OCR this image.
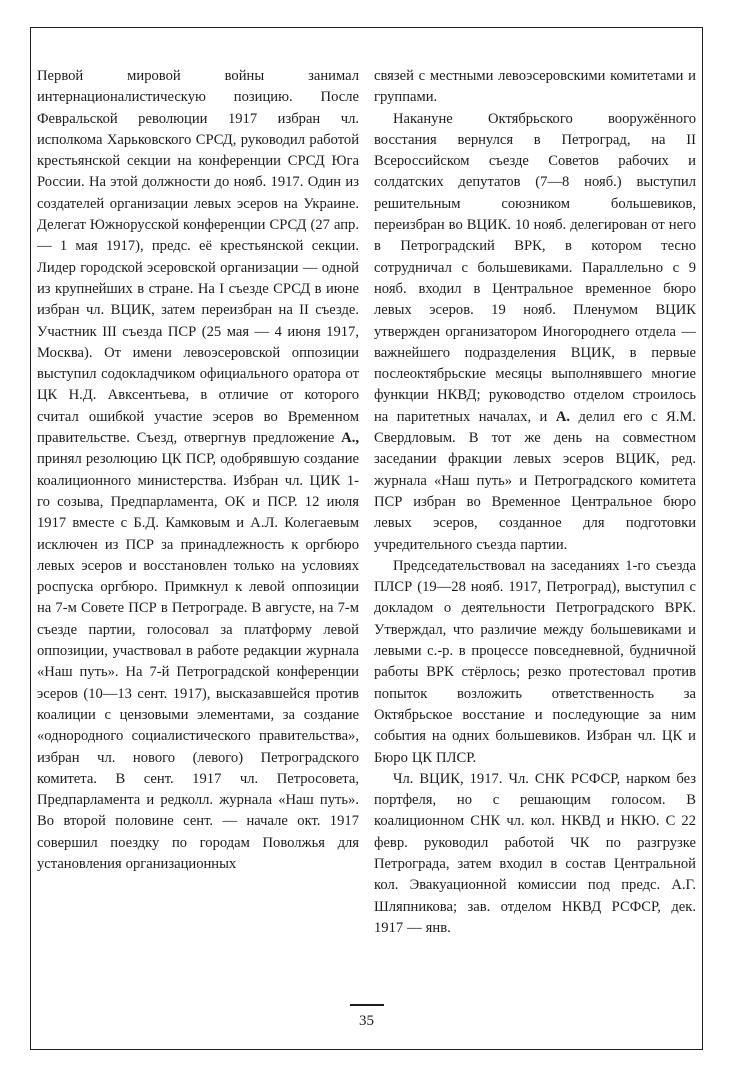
Первой мировой войны занимал интернационалистическую позицию. После Февральской революции 1917 избран чл. исполкома Харьковского СРСД, руководил работой крестьянской секции на конференции СРСД Юга России. На этой должности до нояб. 1917. Один из создателей организации левых эсеров на Украине. Делегат Южнорусской конференции СРСД (27 апр. — 1 мая 1917), предс. её крестьянской секции. Лидер городской эсеровской организации — одной из крупнейших в стране. На I съезде СРСД в июне избран чл. ВЦИК, затем переизбран на II съезде. Участник III съезда ПСР (25 мая — 4 июня 1917, Москва). От имени левоэсеровской оппозиции выступил содокладчиком официального оратора от ЦК Н.Д. Авксентьева, в отличие от которого считал ошибкой участие эсеров во Временном правительстве. Съезд, отвергнув предложение А., принял резолюцию ЦК ПСР, одобрявшую создание коалиционного министерства. Избран чл. ЦИК 1-го созыва, Предпарламента, ОК и ПСР. 12 июля 1917 вместе с Б.Д. Камковым и А.Л. Колегаевым исключен из ПСР за принадлежность к оргбюро левых эсеров и восстановлен только на условиях роспуска оргбюро. Примкнул к левой оппозиции на 7-м Совете ПСР в Петрограде. В августе, на 7-м съезде партии, голосовал за платформу левой оппозиции, участвовал в работе редакции журнала «Наш путь». На 7-й Петроградской конференции эсеров (10—13 сент. 1917), высказавшейся против коалиции с цензовыми элементами, за создание «однородного социалистического правительства», избран чл. нового (левого) Петроградского комитета. В сент. 1917 чл. Петросовета, Предпарламента и редколл. журнала «Наш путь». Во второй половине сент. — начале окт. 1917 совершил поездку по городам Поволжья для установления организационных

связей с местными левоэсеровскими комитетами и группами.

Накануне Октябрьского вооружённого восстания вернулся в Петроград, на II Всероссийском съезде Советов рабочих и солдатских депутатов (7—8 нояб.) выступил решительным союзником большевиков, переизбран во ВЦИК. 10 нояб. делегирован от него в Петроградский ВРК, в котором тесно сотрудничал с большевиками. Параллельно с 9 нояб. входил в Центральное временное бюро левых эсеров. 19 нояб. Пленумом ВЦИК утвержден организатором Иногороднего отдела — важнейшего подразделения ВЦИК, в первые послеоктябрьские месяцы выполнявшего многие функции НКВД; руководство отделом строилось на паритетных началах, и А. делил его с Я.М. Свердловым. В тот же день на совместном заседании фракции левых эсеров ВЦИК, ред. журнала «Наш путь» и Петроградского комитета ПСР избран во Временное Центральное бюро левых эсеров, созданное для подготовки учредительного съезда партии.

Председательствовал на заседаниях 1-го съезда ПЛСР (19—28 нояб. 1917, Петроград), выступил с докладом о деятельности Петроградского ВРК. Утверждал, что различие между большевиками и левыми с.-р. в процессе повседневной, будничной работы ВРК стёрлось; резко протестовал против попыток возложить ответственность за Октябрьское восстание и последующие за ним события на одних большевиков. Избран чл. ЦК и Бюро ЦК ПЛСР.

Чл. ВЦИК, 1917. Чл. СНК РСФСР, нарком без портфеля, но с решающим голосом. В коалиционном СНК чл. кол. НКВД и НКЮ. С 22 февр. руководил работой ЧК по разгрузке Петрограда, затем входил в состав Центральной кол. Эвакуационной комиссии под предс. А.Г. Шляпникова; зав. отделом НКВД РСФСР, дек. 1917 — янв.

35
